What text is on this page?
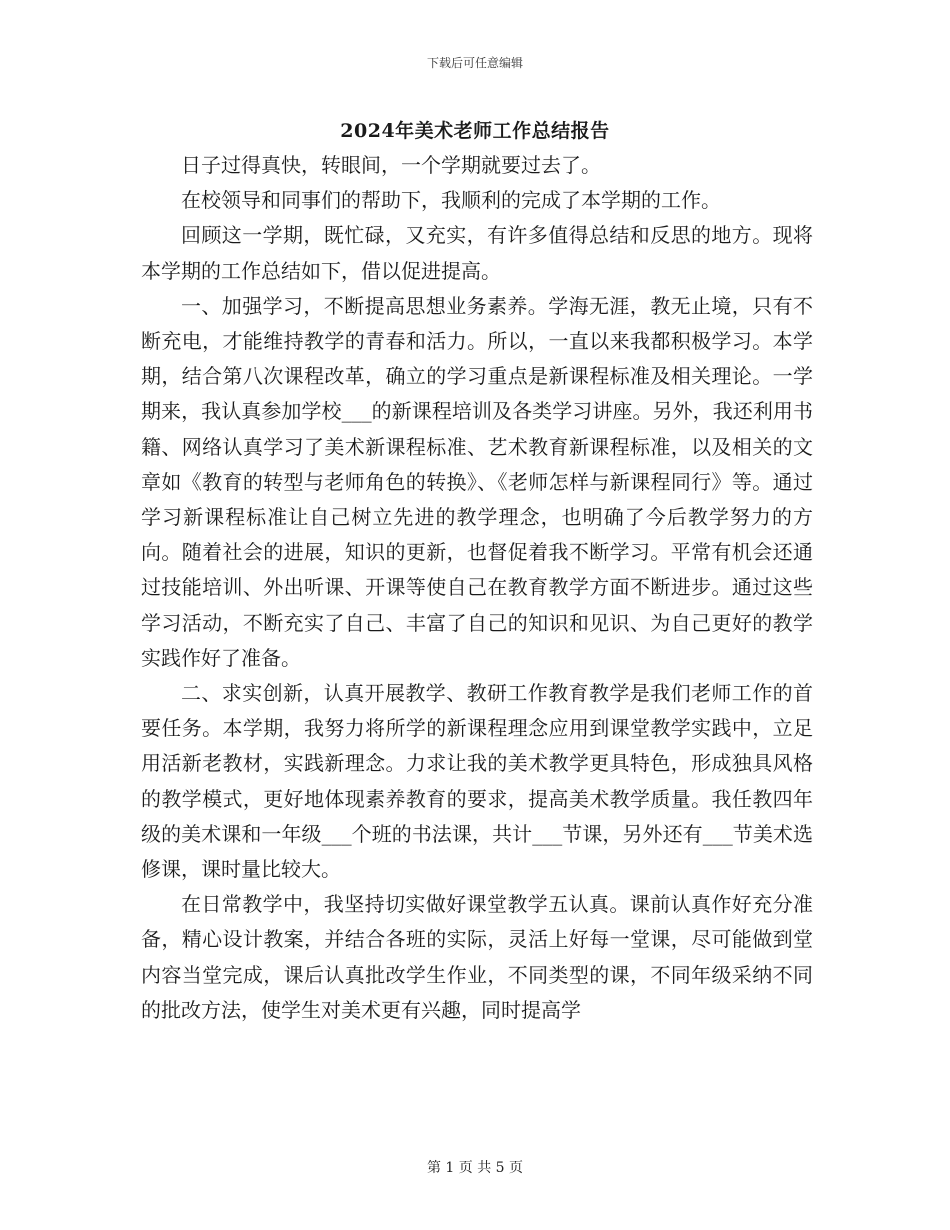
下载后可任意编辑
2024年美术老师工作总结报告

日子过得真快，转眼间，一个学期就要过去了。

在校领导和同事们的帮助下，我顺利的完成了本学期的工作。

回顾这一学期，既忙碌，又充实，有许多值得总结和反思的地方。现将本学期的工作总结如下，借以促进提高。

一、加强学习，不断提高思想业务素养。学海无涯，教无止境，只有不断充电，才能维持教学的青春和活力。所以，一直以来我都积极学习。本学期，结合第八次课程改革，确立的学习重点是新课程标准及相关理论。一学期来，我认真参加学校___的新课程培训及各类学习讲座。另外，我还利用书籍、网络认真学习了美术新课程标准、艺术教育新课程标准，以及相关的文章如《教育的转型与老师角色的转换》、《老师怎样与新课程同行》等。通过学习新课程标准让自己树立先进的教学理念，也明确了今后教学努力的方向。随着社会的进展，知识的更新，也督促着我不断学习。平常有机会还通过技能培训、外出听课、开课等使自己在教育教学方面不断进步。通过这些学习活动，不断充实了自己、丰富了自己的知识和见识、为自己更好的教学实践作好了准备。

二、求实创新，认真开展教学、教研工作教育教学是我们老师工作的首要任务。本学期，我努力将所学的新课程理念应用到课堂教学实践中，立足用活新老教材，实践新理念。力求让我的美术教学更具特色，形成独具风格的教学模式，更好地体现素养教育的要求，提高美术教学质量。我任教四年级的美术课和一年级___个班的书法课，共计___节课，另外还有___节美术选修课，课时量比较大。

在日常教学中，我坚持切实做好课堂教学五认真。课前认真作好充分准备，精心设计教案，并结合各班的实际，灵活上好每一堂课，尽可能做到堂内容当堂完成，课后认真批改学生作业，不同类型的课，不同年级采纳不同的批改方法，使学生对美术更有兴趣，同时提高学

第 1 页 共 5 页
